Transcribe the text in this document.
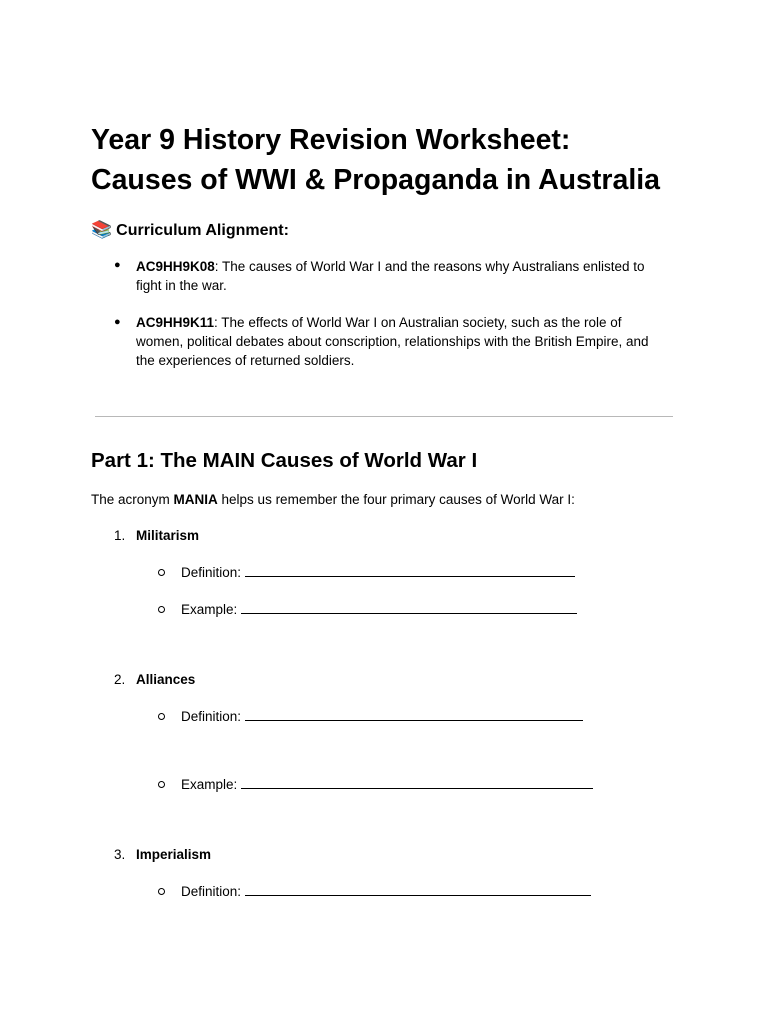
Year 9 History Revision Worksheet:
Causes of WWI & Propaganda in Australia
📚 Curriculum Alignment:
● AC9HH9K08: The causes of World War I and the reasons why Australians enlisted to
fight in the war.
● AC9HH9K11: The effects of World War I on Australian society, such as the role of
women, political debates about conscription, relationships with the British Empire, and
the experiences of returned soldiers.
Part 1: The MAIN Causes of World War I
The acronym MANIA helps us remember the four primary causes of World War I:
1. Militarism
Definition:
Example:
2. Alliances
Definition:
Example:
3. Imperialism
Definition:
